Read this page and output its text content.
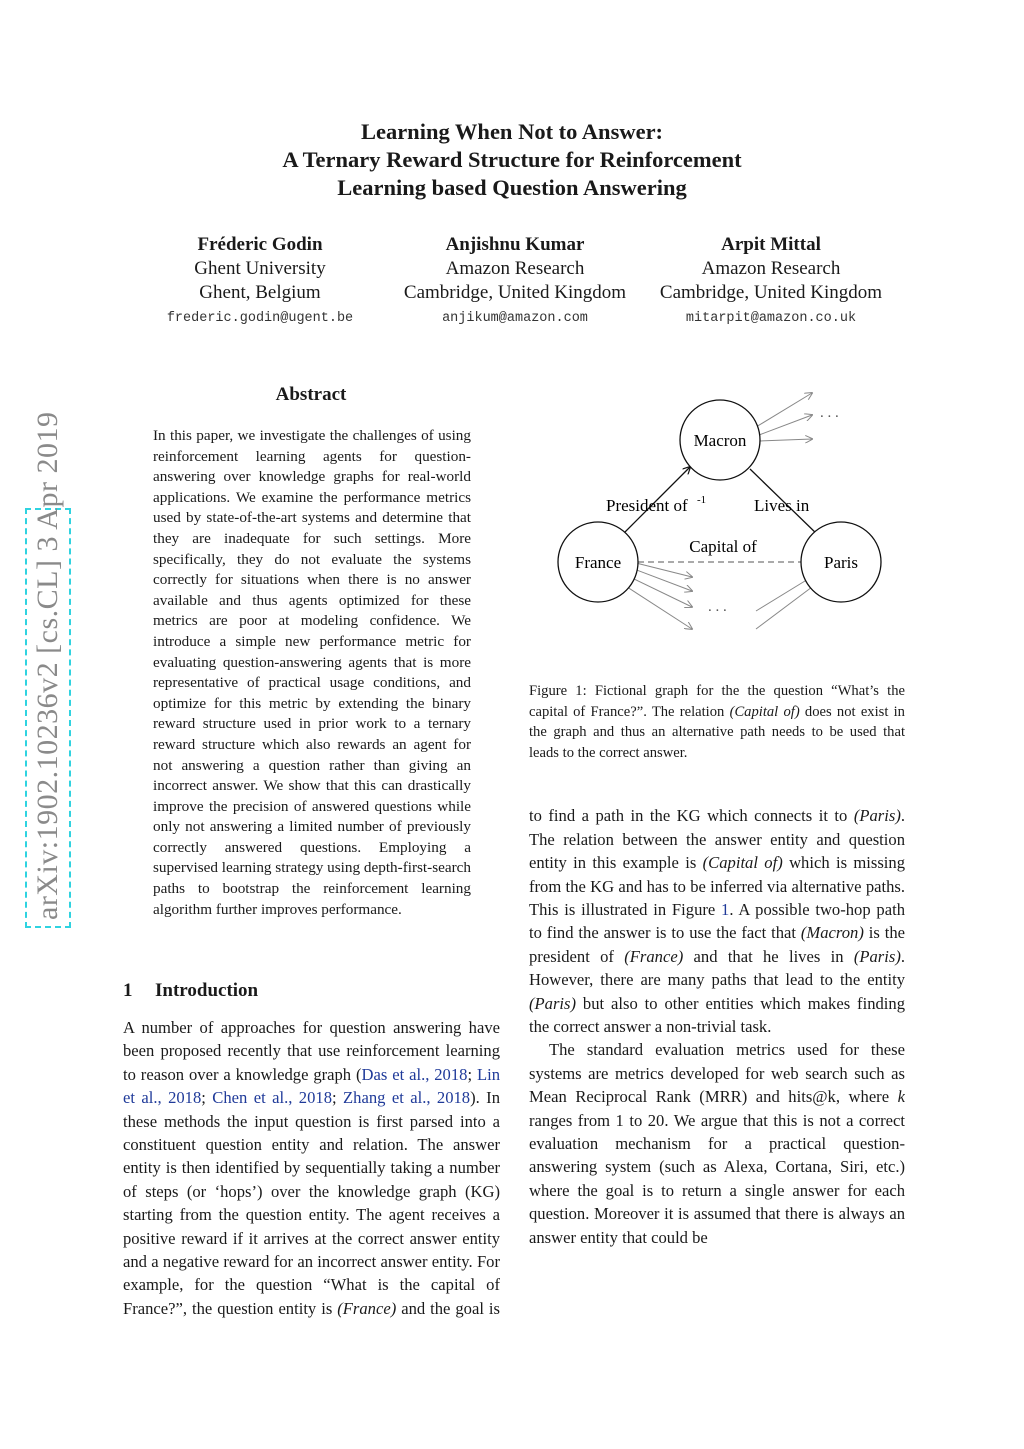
arXiv:1902.10236v2 [cs.CL] 3 Apr 2019
Learning When Not to Answer:
A Ternary Reward Structure for Reinforcement
Learning based Question Answering
Fréderic Godin
Ghent University
Ghent, Belgium
frederic.godin@ugent.be
Anjishnu Kumar
Amazon Research
Cambridge, United Kingdom
anjikum@amazon.com
Arpit Mittal
Amazon Research
Cambridge, United Kingdom
mitarpit@amazon.co.uk
Abstract
In this paper, we investigate the challenges of using reinforcement learning agents for question-answering over knowledge graphs for real-world applications. We examine the performance metrics used by state-of-the-art systems and determine that they are inadequate for such settings. More specifically, they do not evaluate the systems correctly for situations when there is no answer available and thus agents optimized for these metrics are poor at modeling confidence. We introduce a simple new performance metric for evaluating question-answering agents that is more representative of practical usage conditions, and optimize for this metric by extending the binary reward structure used in prior work to a ternary reward structure which also rewards an agent for not answering a question rather than giving an incorrect answer. We show that this can drastically improve the precision of answered questions while only not answering a limited number of previously correctly answered questions. Employing a supervised learning strategy using depth-first-search paths to bootstrap the reinforcement learning algorithm further improves performance.
1 Introduction

A number of approaches for question answering have been proposed recently that use reinforcement learning to reason over a knowledge graph (Das et al., 2018; Lin et al., 2018; Chen et al., 2018; Zhang et al., 2018). In these methods the input question is first parsed into a constituent question entity and relation. The answer entity is then identified by sequentially taking a number of steps (or ‘hops’) over the knowledge graph (KG) starting from the question entity. The agent receives a positive reward if it arrives at the correct answer entity and a negative reward for an incorrect answer entity. For example, for the question “What is the capital of France?”, the question entity is (France) and the goal is

to find a path in the KG which connects it to (Paris). The relation between the answer entity and question entity in this example is (Capital of) which is missing from the KG and has to be inferred via alternative paths. This is illustrated in Figure 1. A possible two-hop path to find the answer is to use the fact that (Macron) is the president of (France) and that he lives in (Paris). However, there are many paths that lead to the entity (Paris) but also to other entities which makes finding the correct answer a non-trivial task.

The standard evaluation metrics used for these systems are metrics developed for web search such as Mean Reciprocal Rank (MRR) and hits@k, where k ranges from 1 to 20. We argue that this is not a correct evaluation mechanism for a practical question-answering system (such as Alexa, Cortana, Siri, etc.) where the goal is to return a single answer for each question. Moreover it is assumed that there is always an answer entity that could be

Macron
France	Paris
President of -1	Lives in
Capital of
. . .
. . .
Figure 1: Fictional graph for the the question “What’s the capital of France?”. The relation (Capital of) does not exist in the graph and thus an alternative path needs to be used that leads to the correct answer.
